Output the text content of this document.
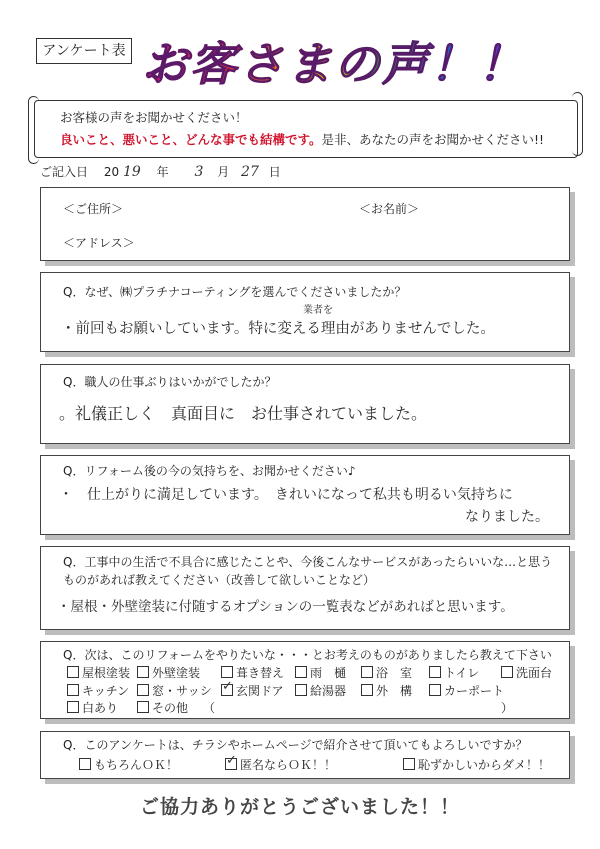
アンケート表 お客さまの声！！
お客様の声をお聞かせください！
良いこと、悪いこと、どんな事でも結構です。是非、あなたの声をお聞かせください!!
ご記入日 20 19 年 3 月 27 日
＜ご住所＞	＜お名前＞
＜アドレス＞
Q．なぜ、㈱プラチナコーティングを選んでくださいましたか？
業者を
・前回もお願いしています。特に変える理由がありませんでした。
Q．職人の仕事ぶりはいかがでしたか？
。礼儀正しく　真面目に　お仕事されていました。
Q．リフォーム後の今の気持ちを、お聞かせください♪
・　仕上がりに満足しています。　きれいになって私共も明るい気持ちに
なりました。
Q．工事中の生活で不具合に感じたことや、今後こんなサービスがあったらいいな…と思う
ものがあれば教えてください（改善して欲しいことなど）
・屋根・外壁塗装に付随するオプションの一覧表などがあればと思います。
Q．次は、このリフォームをやりたいな・・・とお考えのものがありましたら教えて下さい
屋根塗装	外壁塗装	葺き替え	雨　樋	浴　室	トイレ	洗面台
キッチン	窓・サッシ ✓ 玄関ドア	給湯器	外　構	カーポート
白あり	その他 （	）
Q．このアンケートは、チラシやホームページで紹介させて頂いてもよろしいですか？
もちろんＯＫ！	✓ 匿名ならＯＫ！！	恥ずかしいからダメ！！
ご協力ありがとうございました！！
